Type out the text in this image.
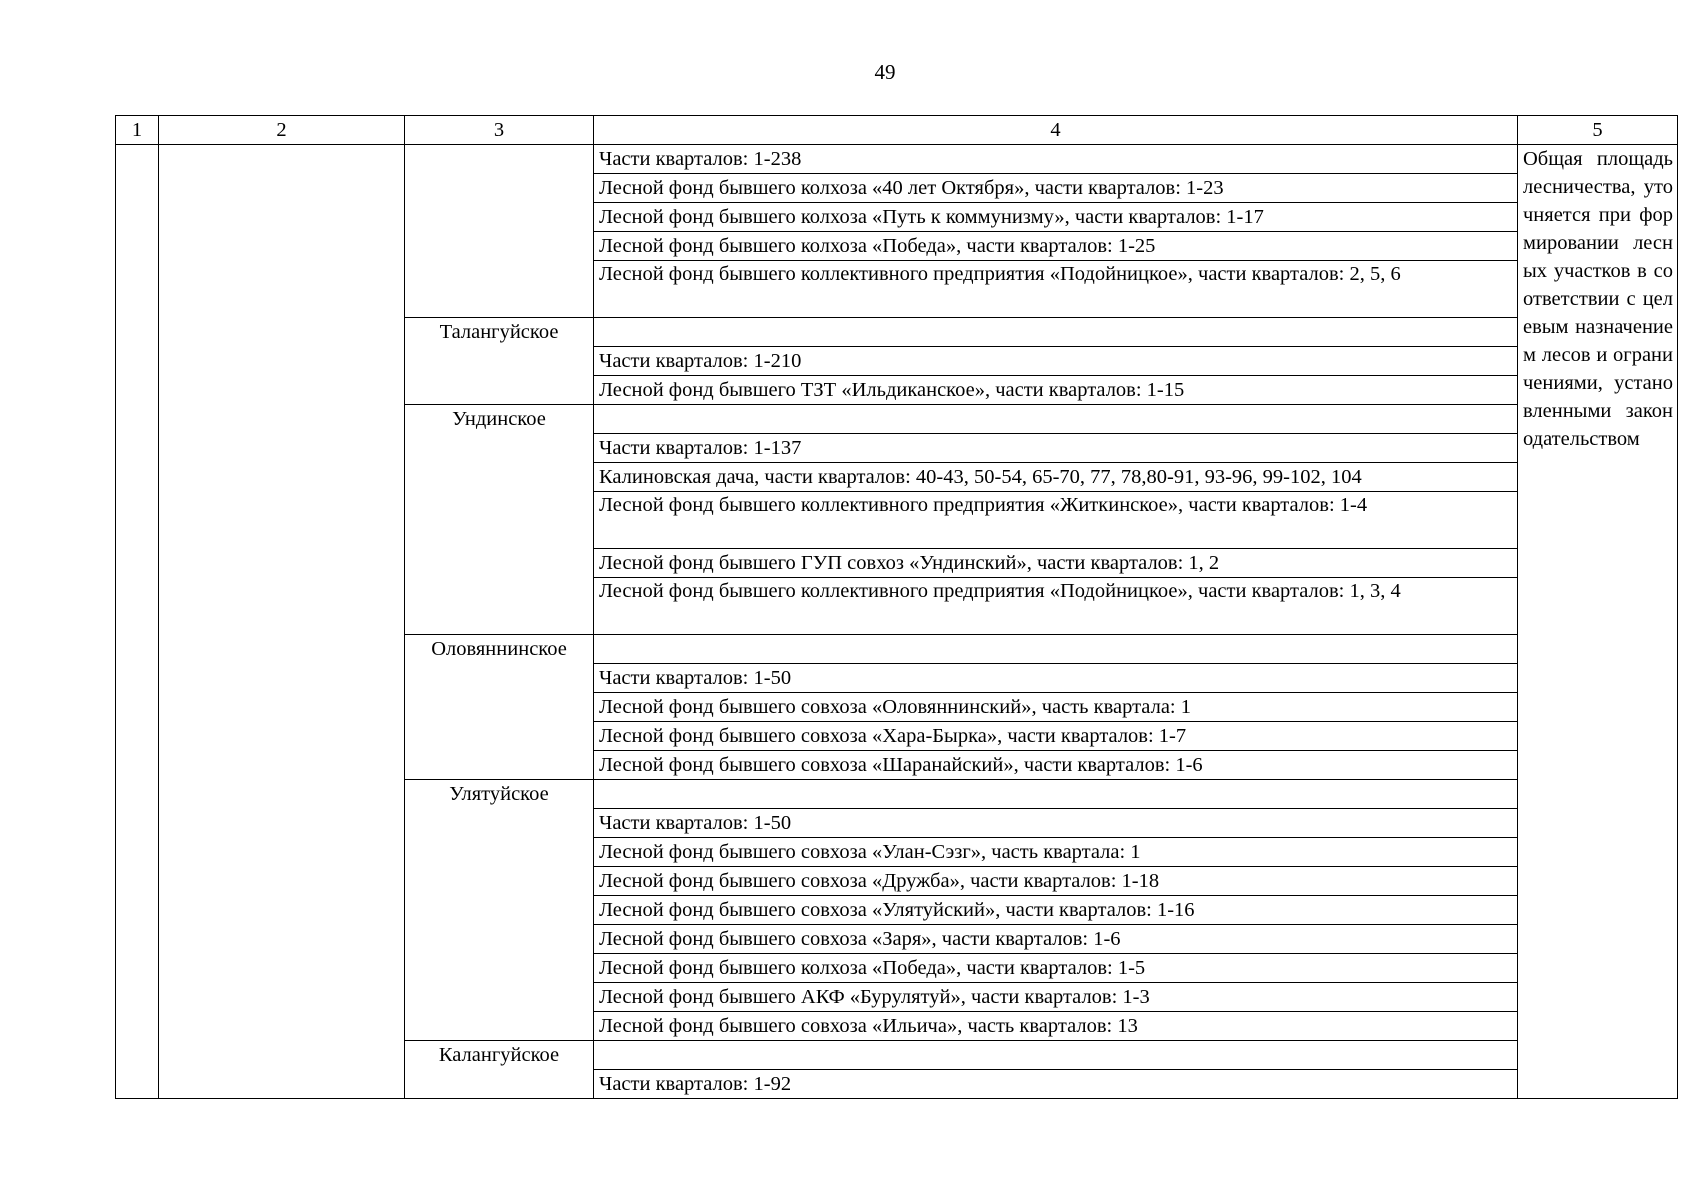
49
1	2	3	4	5
			Части кварталов: 1-238	Общая площадь лесничества, уточняется при формировании лесных участков в соответствии с целевым назначением лесов и ограничениями, установленными законодательством

			Лесной фонд бывшего колхоза «40 лет Октября», части кварталов: 1-23	
			Лесной фонд бывшего колхоза «Путь к коммунизму», части кварталов: 1-17	
			Лесной фонд бывшего колхоза «Победа», части кварталов: 1-25	
			Лесной фонд бывшего коллективного предприятия «Подойницкое», части кварталов: 2, 5, 6	
		Талангуйское		
			Части кварталов: 1-210	
			Лесной фонд бывшего ТЗТ «Ильдиканское», части кварталов: 1-15	
		Ундинское		
			Части кварталов: 1-137	
			Калиновская дача, части кварталов: 40-43, 50-54, 65-70, 77, 78,80-91, 93-96, 99-102, 104	
			Лесной фонд бывшего коллективного предприятия «Житкинское», части кварталов: 1-4	
			Лесной фонд бывшего ГУП совхоз «Ундинский», части кварталов: 1, 2	
			Лесной фонд бывшего коллективного предприятия «Подойницкое», части кварталов: 1, 3, 4	
		Оловяннинское		
			Части кварталов: 1-50	
			Лесной фонд бывшего совхоза «Оловяннинский», часть квартала: 1	
			Лесной фонд бывшего совхоза «Хара-Бырка», части кварталов: 1-7	
			Лесной фонд бывшего совхоза «Шаранайский», части кварталов: 1-6	
		Улятуйское		
			Части кварталов: 1-50	
			Лесной фонд бывшего совхоза «Улан-Сэзг», часть квартала: 1	
			Лесной фонд бывшего совхоза «Дружба», части кварталов: 1-18	
			Лесной фонд бывшего совхоза «Улятуйский», части кварталов: 1-16	
			Лесной фонд бывшего совхоза «Заря», части кварталов: 1-6	
			Лесной фонд бывшего колхоза «Победа», части кварталов: 1-5	
			Лесной фонд бывшего АКФ «Бурулятуй», части кварталов: 1-3	
			Лесной фонд бывшего совхоза «Ильича», часть кварталов: 13	
		Калангуйское		
			Части кварталов: 1-92	
